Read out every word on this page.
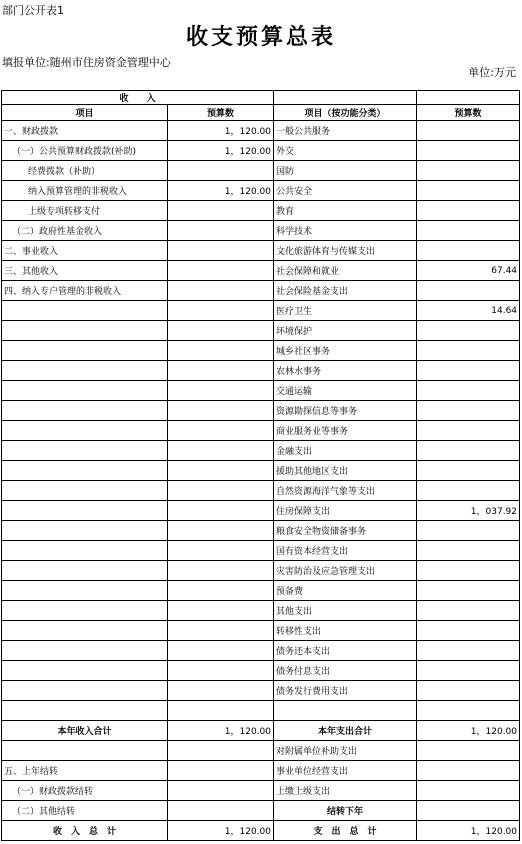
部门公开表1
收支预算总表
填报单位:随州市住房资金管理中心
单位:万元
收　　入			
项目	预算数	项目（按功能分类）	预算数
一、财政拨款	1，120.00	一般公共服务	
（一）公共预算财政拨款(补助)	1，120.00	外交	
经费拨款（补助）		国防	
纳入预算管理的非税收入	1，120.00	公共安全	
上级专项转移支付		教育	
（二）政府性基金收入		科学技术	
二、事业收入		文化旅游体育与传媒支出	
三、其他收入		社会保障和就业	67.44
四、纳入专户管理的非税收入		社会保险基金支出	
		医疗卫生	14.64
		环境保护	
		城乡社区事务	
		农林水事务	
		交通运输	
		资源勘探信息等事务	
		商业服务业等事务	
		金融支出	
		援助其他地区支出	
		自然资源海洋气象等支出	
		住房保障支出	1，037.92
		粮食安全物资储备事务	
		国有资本经营支出	
		灾害防治及应急管理支出	
		预备费	
		其他支出	
		转移性支出	
		债务还本支出	
		债务付息支出	
		债务发行费用支出	

本年收入合计	1，120.00	本年支出合计	1，120.00
		对附属单位补助支出	
五、上年结转		事业单位经营支出	
（一）财政拨款结转		上缴上级支出	
（二）其他结转		结转下年	
收　入　总　计	1，120.00	支　出　总　计	1，120.00
